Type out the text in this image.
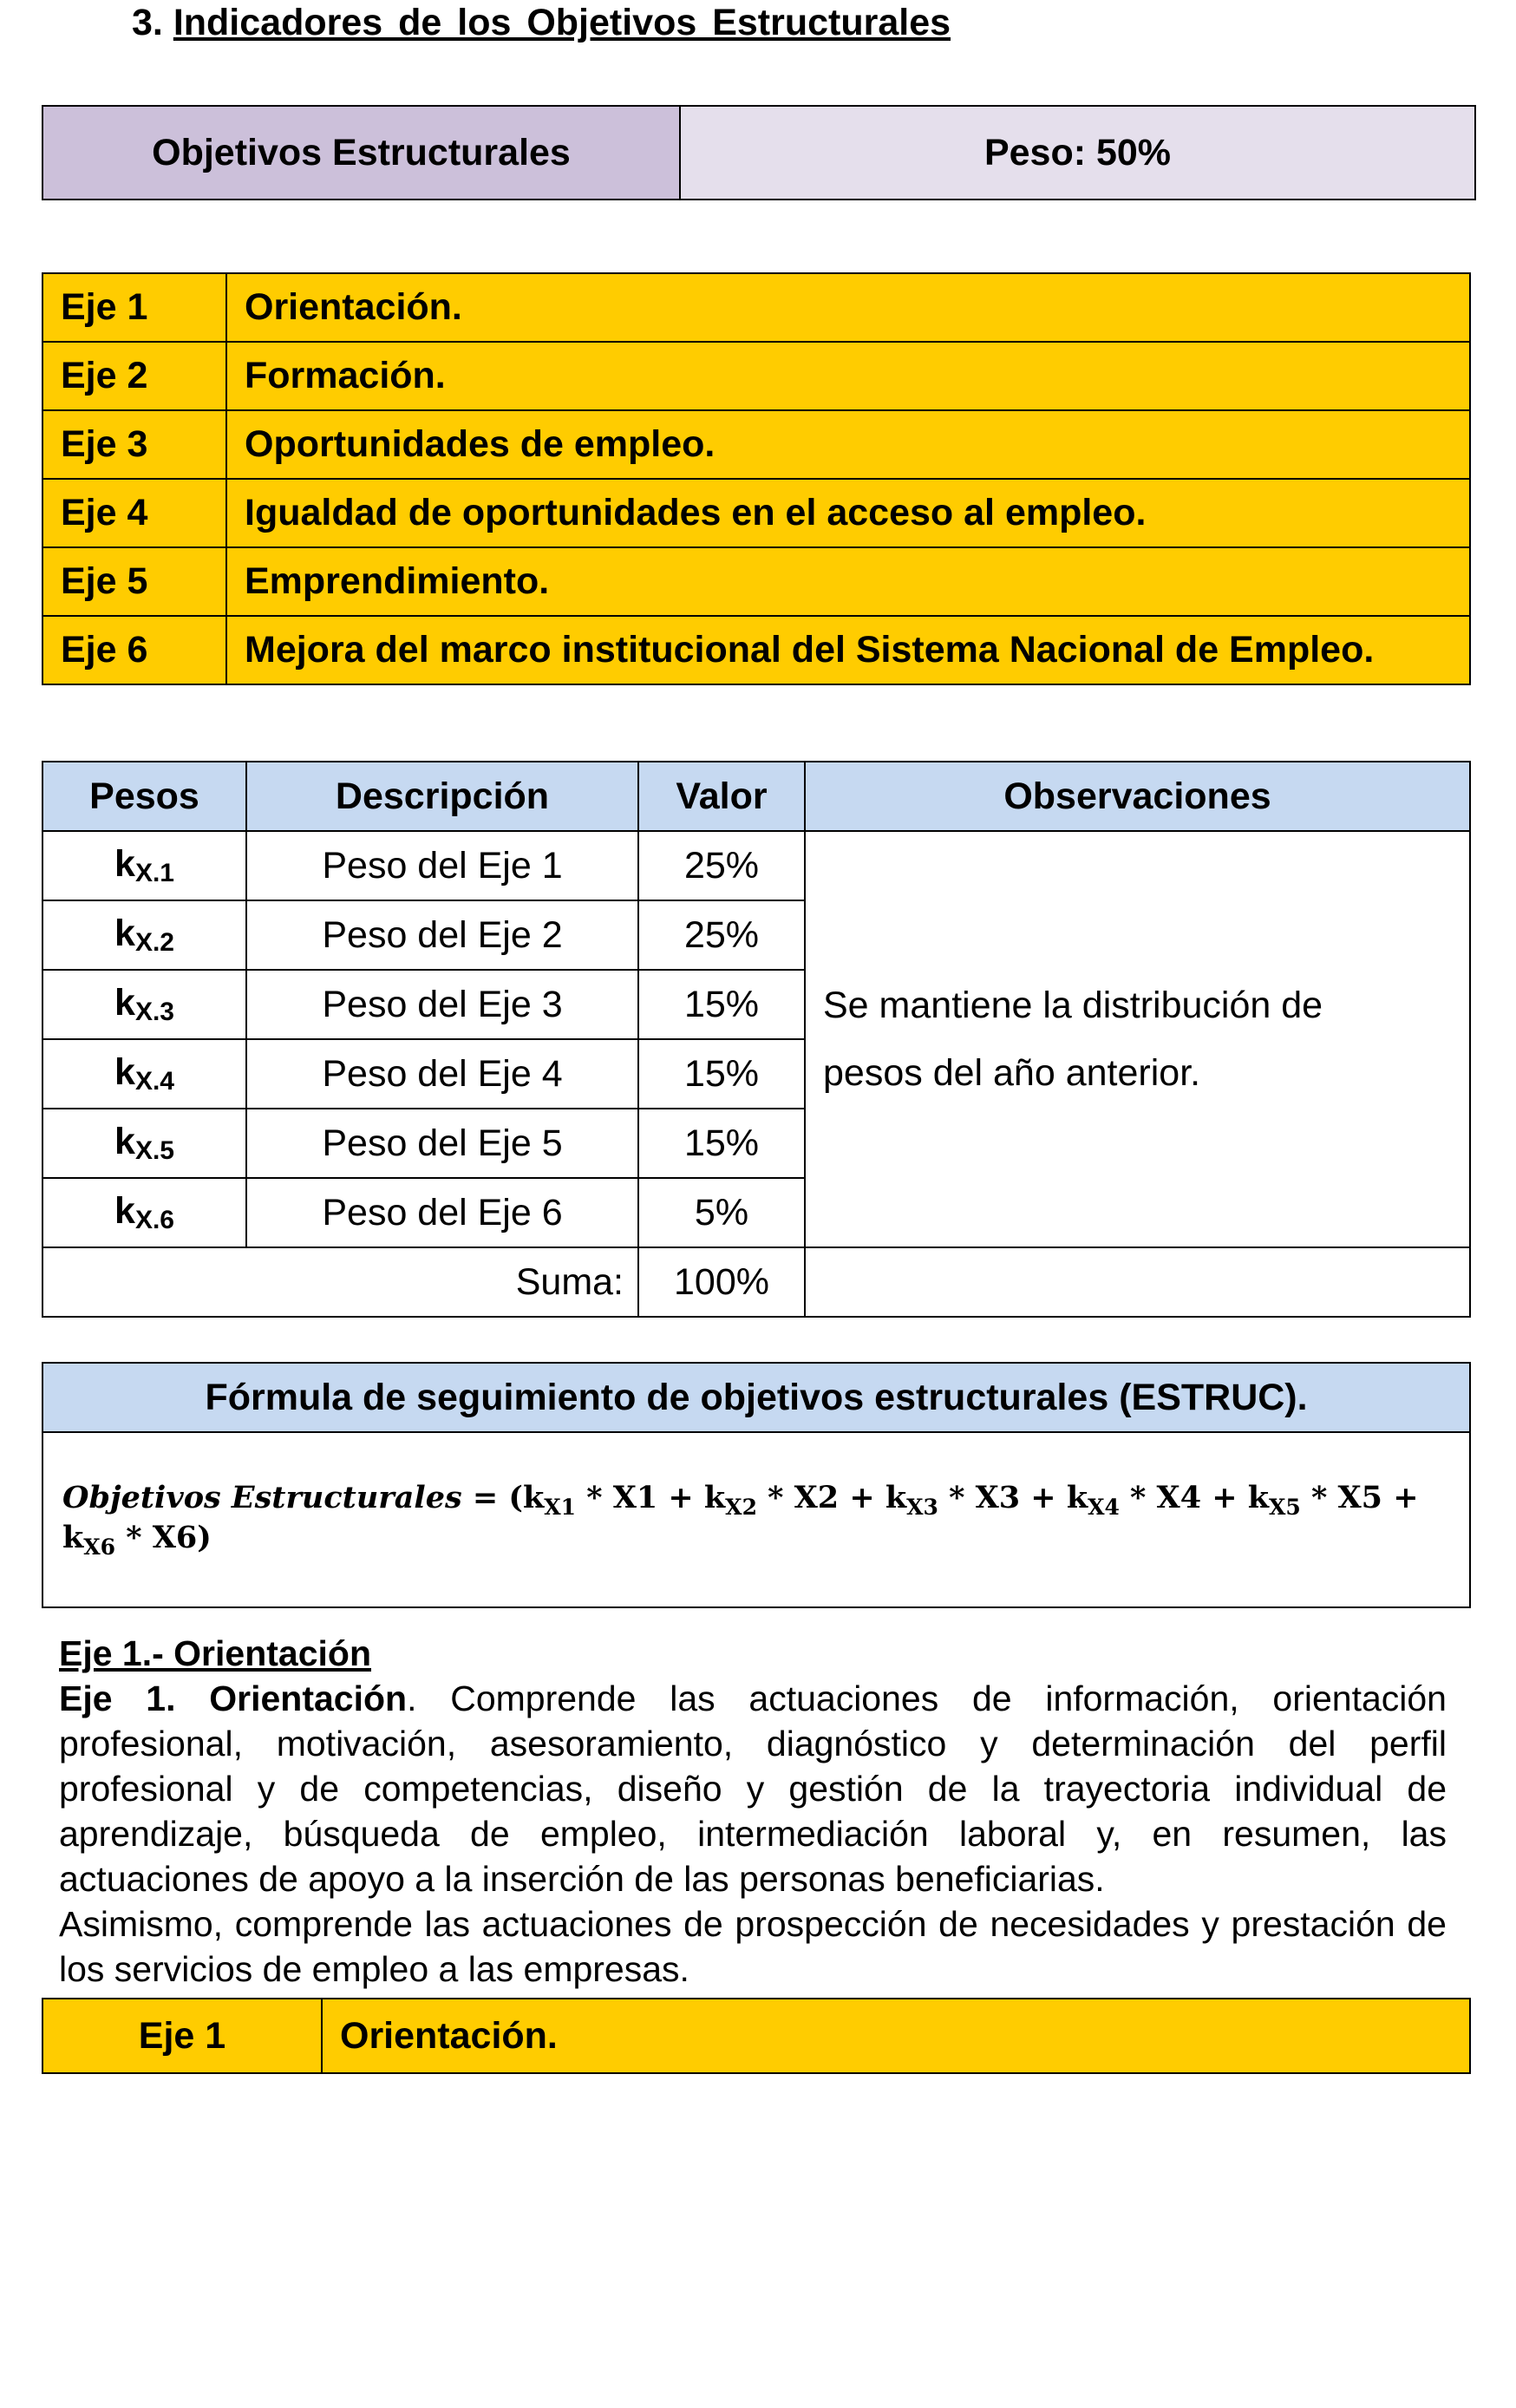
3. Indicadores de los Objetivos Estructurales
Objetivos Estructurales	Peso: 50%
Eje 1	Orientación.
Eje 2	Formación.
Eje 3	Oportunidades de empleo.
Eje 4	Igualdad de oportunidades en el acceso al empleo.
Eje 5	Emprendimiento.
Eje 6	Mejora del marco institucional del Sistema Nacional de Empleo.
Pesos	Descripción	Valor	Observaciones
$k_{X.1}$	Peso del Eje 1	25%	Se mantiene la distribución de
pesos del año anterior.

$k_{X.2}$	Peso del Eje 2	25%	
$k_{X.3}$	Peso del Eje 3	15%	
$k_{X.4}$	Peso del Eje 4	15%	
$k_{X.5}$	Peso del Eje 5	15%	
$k_{X.6}$	Peso del Eje 6	5%	
Suma:		100%	
Fórmula de seguimiento de objetivos estructurales (ESTRUC).
Objetivos Estructurales = $(k_{X1} * X1 + k_{X2} * X2 + k_{X3} * X3 + k_{X4} * X4 + k_{X5} * X5 + k_{X6} * X6)$
Eje 1.- Orientación

Eje 1. Orientación. Comprende las actuaciones de información, orientación profesional, motivación, asesoramiento, diagnóstico y determinación del perfil profesional y de competencias, diseño y gestión de la trayectoria individual de aprendizaje, búsqueda de empleo, intermediación laboral y, en resumen, las actuaciones de apoyo a la inserción de las personas beneficiarias.

Asimismo, comprende las actuaciones de prospección de necesidades y prestación de los servicios de empleo a las empresas.

Eje 1	Orientación.
